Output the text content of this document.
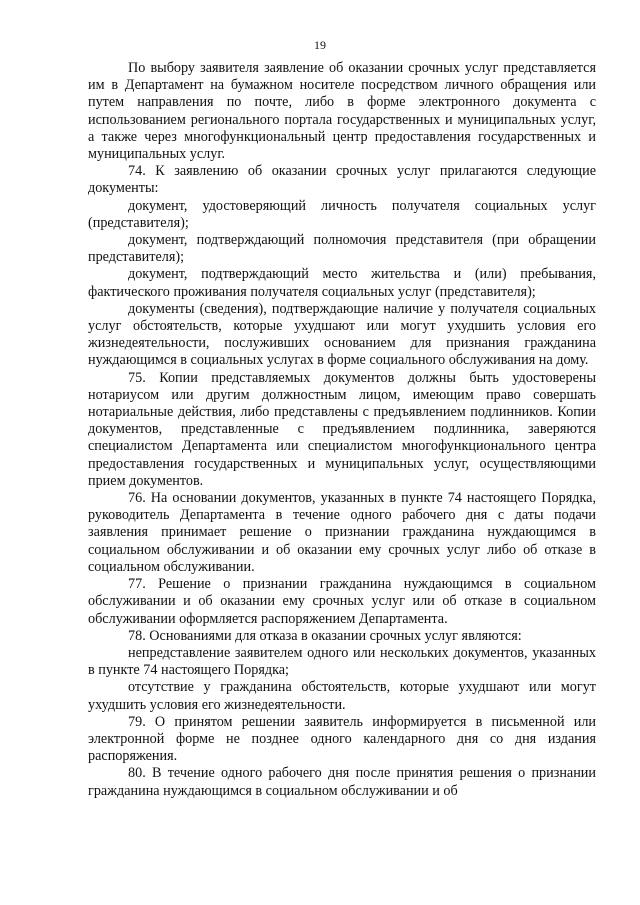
19

По выбору заявителя заявление об оказании срочных услуг представляется им в Департамент на бумажном носителе посредством личного обращения или путем направления по почте, либо в форме электронного документа с использованием регионального портала государственных и муниципальных услуг, а также через многофункциональный центр предоставления государственных и муниципальных услуг.

74. К заявлению об оказании срочных услуг прилагаются следующие документы:

документ, удостоверяющий личность получателя социальных услуг (представителя);

документ, подтверждающий полномочия представителя (при обращении представителя);

документ, подтверждающий место жительства и (или) пребывания, фактического проживания получателя социальных услуг (представителя);

документы (сведения), подтверждающие наличие у получателя социальных услуг обстоятельств, которые ухудшают или могут ухудшить условия его жизнедеятельности, послуживших основанием для признания гражданина нуждающимся в социальных услугах в форме социального обслуживания на дому.

75. Копии представляемых документов должны быть удостоверены нотариусом или другим должностным лицом, имеющим право совершать нотариальные действия, либо представлены с предъявлением подлинников. Копии документов, представленные с предъявлением подлинника, заверяются специалистом Департамента или специалистом многофункционального центра предоставления государственных и муниципальных услуг, осуществляющими прием документов.

76. На основании документов, указанных в пункте 74 настоящего Порядка, руководитель Департамента в течение одного рабочего дня с даты подачи заявления принимает решение о признании гражданина нуждающимся в социальном обслуживании и об оказании ему срочных услуг либо об отказе в социальном обслуживании.

77. Решение о признании гражданина нуждающимся в социальном обслуживании и об оказании ему срочных услуг или об отказе в социальном обслуживании оформляется распоряжением Департамента.

78. Основаниями для отказа в оказании срочных услуг являются:

непредставление заявителем одного или нескольких документов, указанных в пункте 74 настоящего Порядка;

отсутствие у гражданина обстоятельств, которые ухудшают или могут ухудшить условия его жизнедеятельности.

79. О принятом решении заявитель информируется в письменной или электронной форме не позднее одного календарного дня со дня издания распоряжения.

80. В течение одного рабочего дня после принятия решения о признании гражданина нуждающимся в социальном обслуживании и об
